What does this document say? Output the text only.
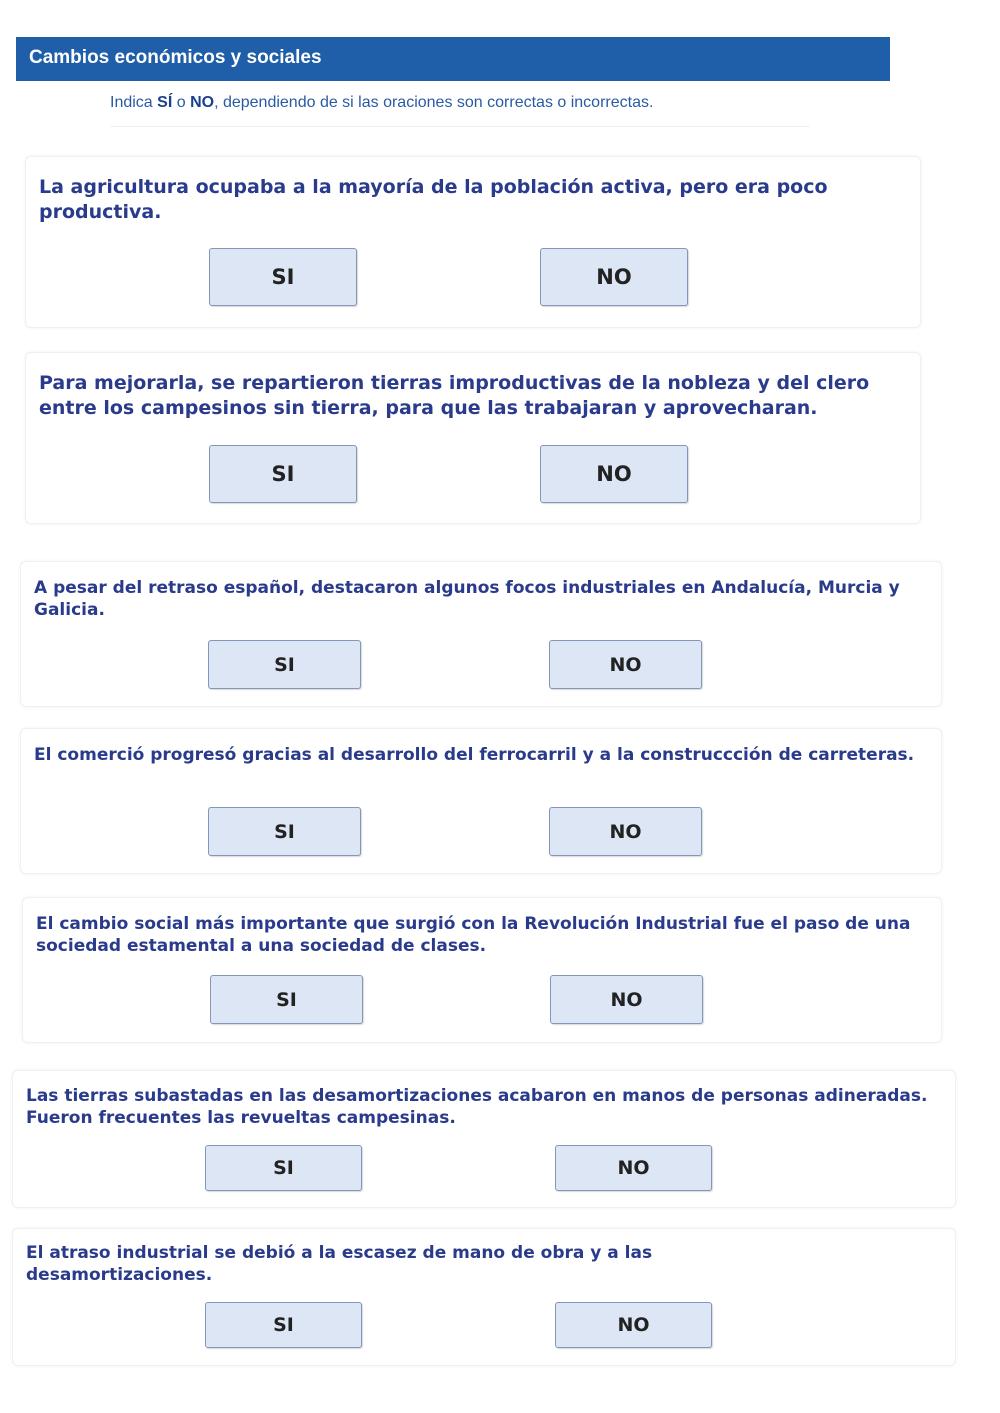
Cambios económicos y sociales
Indica SÍ o NO, dependiendo de si las oraciones son correctas o incorrectas.
La agricultura ocupaba a la mayoría de la población activa, pero era poco productiva.
SI	NO
Para mejorarla, se repartieron tierras improductivas de la nobleza y del clero entre los campesinos sin tierra, para que las trabajaran y aprovecharan.
SI	NO
A pesar del retraso español, destacaron algunos focos industriales en Andalucía, Murcia y Galicia.
SI	NO
El comerció progresó gracias al desarrollo del ferrocarril y a la construccción de carreteras.
SI	NO
El cambio social más importante que surgió con la Revolución Industrial fue el paso de una sociedad estamental a una sociedad de clases.
SI	NO
Las tierras subastadas en las desamortizaciones acabaron en manos de personas adineradas. Fueron frecuentes las revueltas campesinas.
SI	NO
El atraso industrial se debió a la escasez de mano de obra y a las desamortizaciones.
SI	NO
